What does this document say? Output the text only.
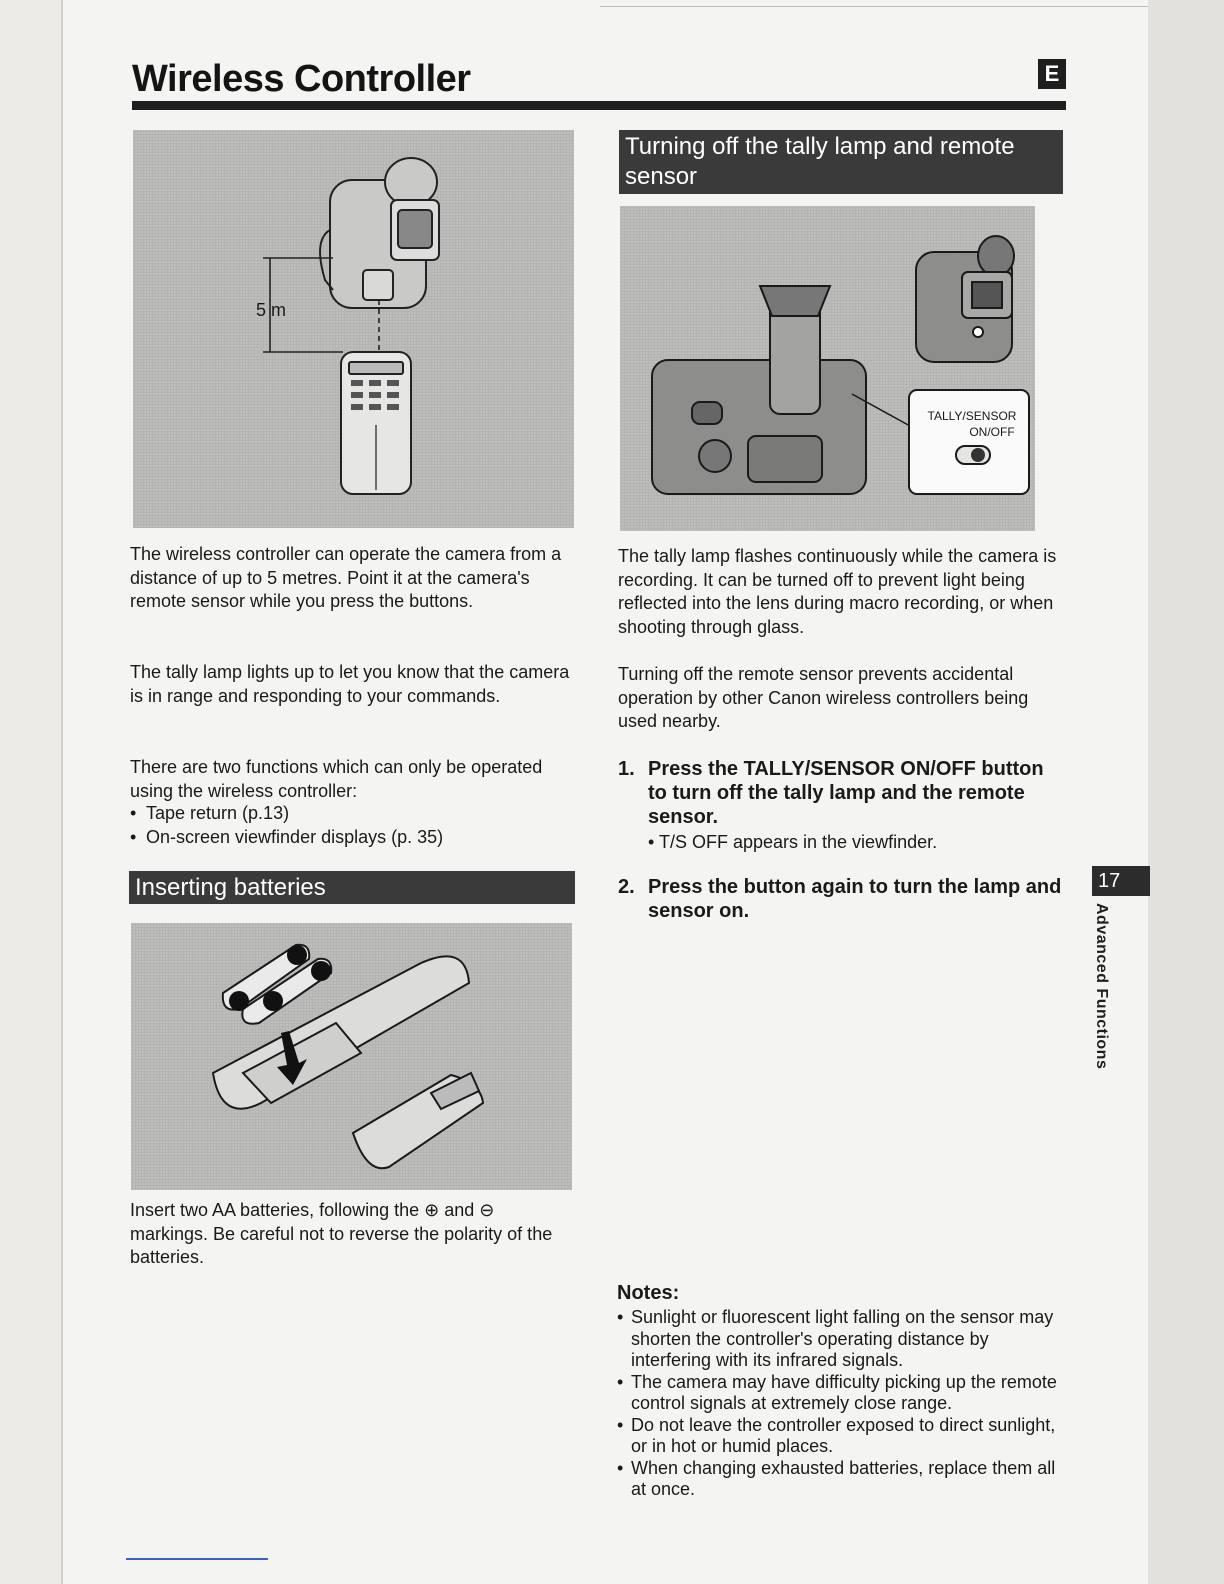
Wireless Controller	E
5 m
Turning off the tally lamp and remote sensor
TALLY/SENSOR
ON/OFF

The wireless controller can operate the camera from a distance of up to 5 metres. Point it at the camera's remote sensor while you press the buttons.

The tally lamp lights up to let you know that the camera is in range and responding to your commands.

There are two functions which can only be operated using the wireless controller:

• Tape return (p.13)
• On-screen viewfinder displays (p. 35)
Inserting batteries

Insert two AA batteries, following the ⊕ and ⊖ markings. Be careful not to reverse the polarity of the batteries.

The tally lamp flashes continuously while the camera is recording. It can be turned off to prevent light being reflected into the lens during macro recording, or when shooting through glass.

Turning off the remote sensor prevents accidental operation by other Canon wireless controllers being used nearby.

1. Press the TALLY/SENSOR ON/OFF button to turn off the tally lamp and the remote sensor.
• T/S OFF appears in the viewfinder.
2. Press the button again to turn the lamp and sensor on.
Notes:
• Sunlight or fluorescent light falling on the sensor may shorten the controller's operating distance by interfering with its infrared signals.
• The camera may have difficulty picking up the remote control signals at extremely close range.
• Do not leave the controller exposed to direct sunlight, or in hot or humid places.
• When changing exhausted batteries, replace them all at once.
17
Advanced Functions
